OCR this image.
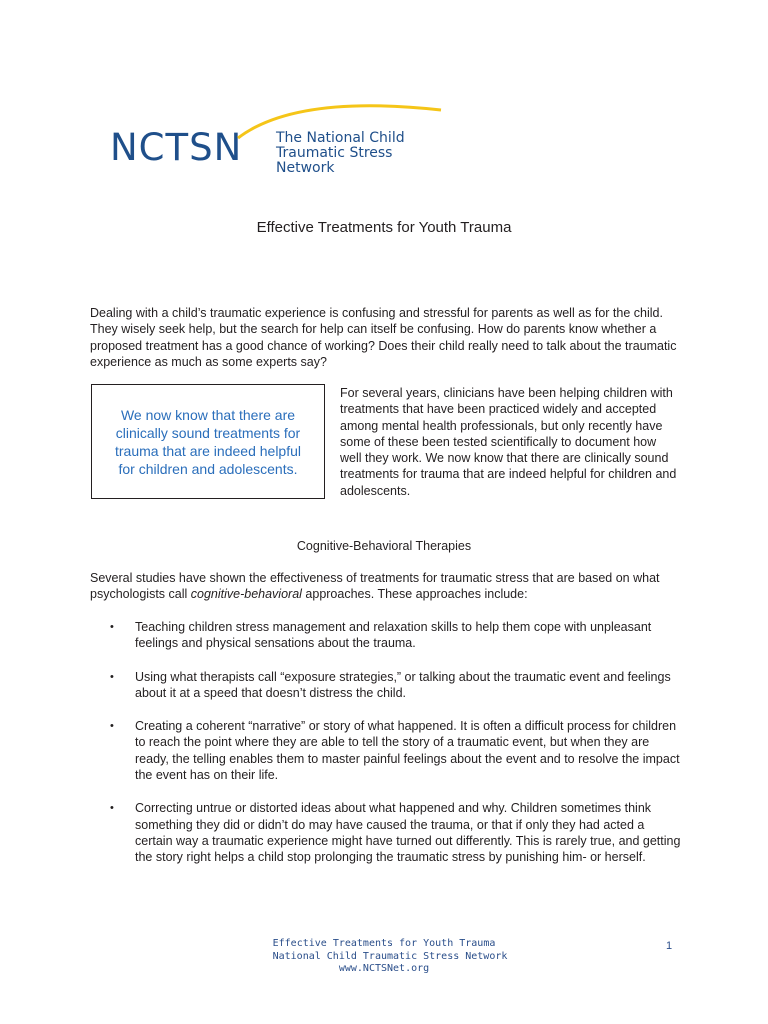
NCTSN The National Child
Traumatic Stress Network
Effective Treatments for Youth Trauma
Dealing with a child’s traumatic experience is confusing and stressful for parents as well as for the child. They wisely seek help, but the search for help can itself be confusing. How do parents know whether a proposed treatment has a good chance of working? Does their child really need to talk about the traumatic experience as much as some experts say?
We now know that there are clinically sound treatments for trauma that are indeed helpful for children and adolescents.
For several years, clinicians have been helping children with treatments that have been practiced widely and accepted among mental health professionals, but only recently have some of these been tested scientifically to document how well they work. We now know that there are clinically sound treatments for trauma that are indeed helpful for children and adolescents.
Cognitive-Behavioral Therapies
Several studies have shown the effectiveness of treatments for traumatic stress that are based on what psychologists call cognitive-behavioral approaches. These approaches include:
• Teaching children stress management and relaxation skills to help them cope with unpleasant feelings and physical sensations about the trauma.
• Using what therapists call “exposure strategies,” or talking about the traumatic event and feelings about it at a speed that doesn’t distress the child.
• Creating a coherent “narrative” or story of what happened. It is often a difficult process for children to reach the point where they are able to tell the story of a traumatic event, but when they are ready, the telling enables them to master painful feelings about the event and to resolve the impact the event has on their life.
• Correcting untrue or distorted ideas about what happened and why. Children sometimes think something they did or didn’t do may have caused the trauma, or that if only they had acted a certain way a traumatic experience might have turned out differently. This is rarely true, and getting the story right helps a child stop prolonging the traumatic stress by punishing him- or herself.
Effective Treatments for Youth Trauma
National Child Traumatic Stress Network
www.NCTSNet.org
1
